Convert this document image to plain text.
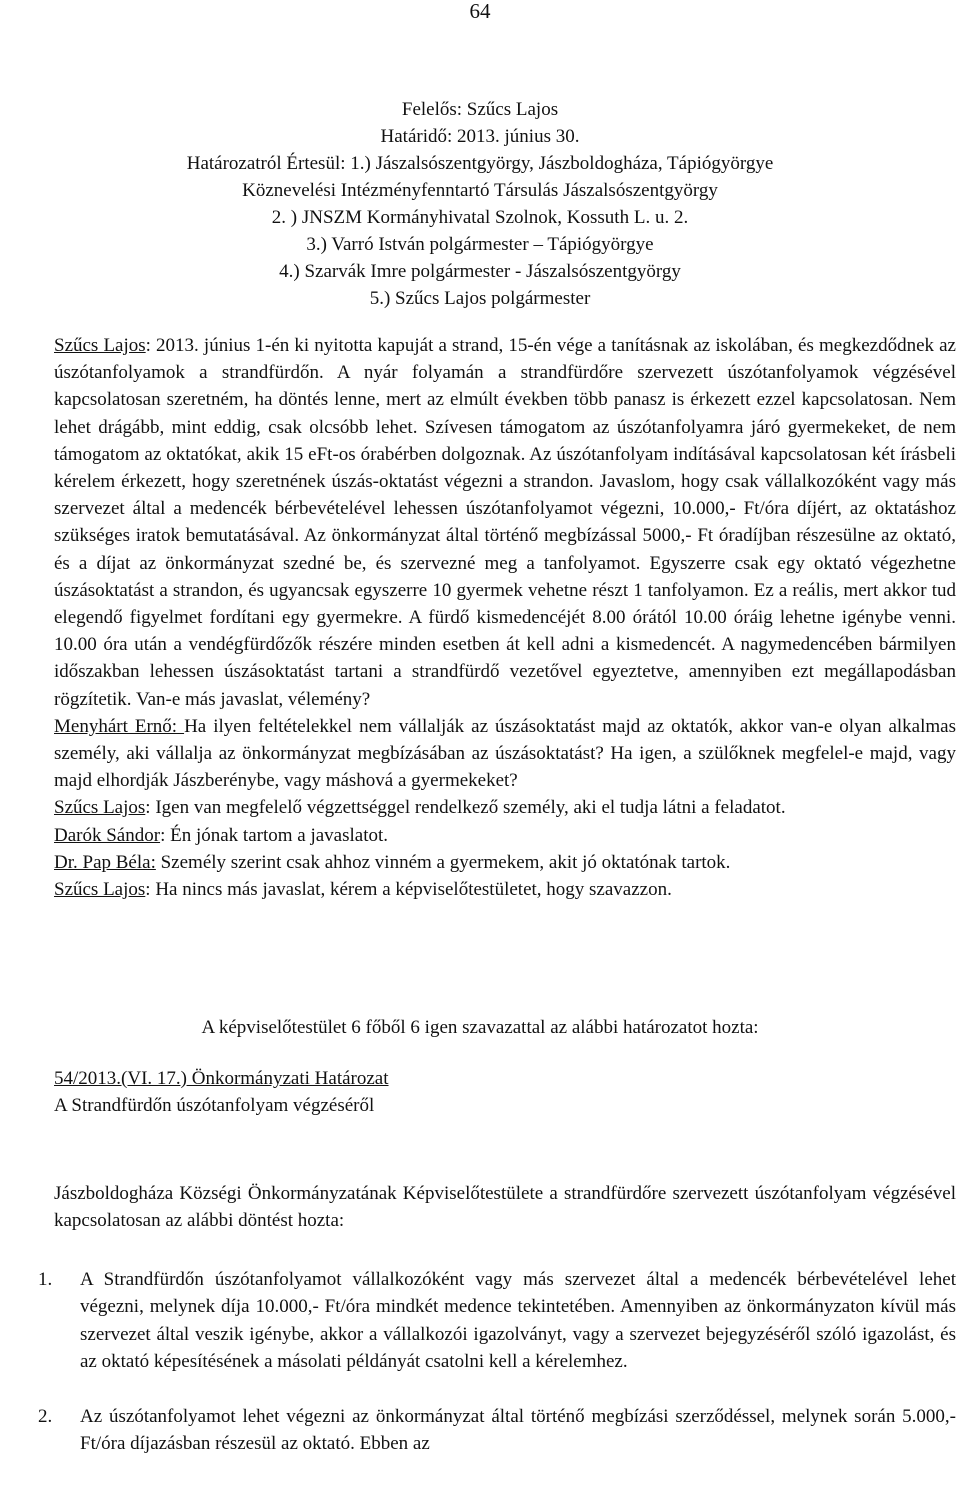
64
Felelős: Szűcs Lajos
Határidő: 2013. június 30.
Határozatról Értesül: 1.) Jászalsószentgyörgy, Jászboldogháza, Tápiógyörgye
Köznevelési Intézményfenntartó Társulás Jászalsószentgyörgy
2. ) JNSZM Kormányhivatal Szolnok, Kossuth L. u. 2.
3.) Varró István polgármester – Tápiógyörgye
4.) Szarvák Imre polgármester - Jászalsószentgyörgy
5.) Szűcs Lajos polgármester

Szűcs Lajos: 2013. június 1-én ki nyitotta kapuját a strand, 15-én vége a tanításnak az iskolában, és megkezdődnek az úszótanfolyamok a strandfürdőn. A nyár folyamán a strandfürdőre szervezett úszótanfolyamok végzésével kapcsolatosan szeretném, ha döntés lenne, mert az elmúlt években több panasz is érkezett ezzel kapcsolatosan. Nem lehet drágább, mint eddig, csak olcsóbb lehet. Szívesen támogatom az úszótanfolyamra járó gyermekeket, de nem támogatom az oktatókat, akik 15 eFt-os órabérben dolgoznak. Az úszótanfolyam indításával kapcsolatosan két írásbeli kérelem érkezett, hogy szeretnének úszás-oktatást végezni a strandon. Javaslom, hogy csak vállalkozóként vagy más szervezet által a medencék bérbevételével lehessen úszótanfolyamot végezni, 10.000,- Ft/óra díjért, az oktatáshoz szükséges iratok bemutatásával. Az önkormányzat által történő megbízással 5000,- Ft óradíjban részesülne az oktató, és a díjat az önkormányzat szedné be, és szervezné meg a tanfolyamot. Egyszerre csak egy oktató végezhetne úszásoktatást a strandon, és ugyancsak egyszerre 10 gyermek vehetne részt 1 tanfolyamon. Ez a reális, mert akkor tud elegendő figyelmet fordítani egy gyermekre. A fürdő kismedencéjét 8.00 órától 10.00 óráig lehetne igénybe venni. 10.00 óra után a vendégfürdőzők részére minden esetben át kell adni a kismedencét. A nagymedencében bármilyen időszakban lehessen úszásoktatást tartani a strandfürdő vezetővel egyeztetve, amennyiben ezt megállapodásban rögzítetik. Van-e más javaslat, vélemény?

Menyhárt Ernő: Ha ilyen feltételekkel nem vállalják az úszásoktatást majd az oktatók, akkor van-e olyan alkalmas személy, aki vállalja az önkormányzat megbízásában az úszásoktatást? Ha igen, a szülőknek megfelel-e majd, vagy majd elhordják Jászberénybe, vagy máshová a gyermekeket?

Szűcs Lajos: Igen van megfelelő végzettséggel rendelkező személy, aki el tudja látni a feladatot.

Darók Sándor: Én jónak tartom a javaslatot.

Dr. Pap Béla: Személy szerint csak ahhoz vinném a gyermekem, akit jó oktatónak tartok.

Szűcs Lajos: Ha nincs más javaslat, kérem a képviselőtestületet, hogy szavazzon.

A képviselőtestület 6 főből 6 igen szavazattal az alábbi határozatot hozta:
54/2013.(VI. 17.) Önkormányzati Határozat
A Strandfürdőn úszótanfolyam végzéséről
Jászboldogháza Községi Önkormányzatának Képviselőtestülete a strandfürdőre szervezett úszótanfolyam végzésével kapcsolatosan az alábbi döntést hozta:
1. A Strandfürdőn úszótanfolyamot vállalkozóként vagy más szervezet által a medencék bérbevételével lehet végezni, melynek díja 10.000,- Ft/óra mindkét medence tekintetében. Amennyiben az önkormányzaton kívül más szervezet által veszik igénybe, akkor a vállalkozói igazolványt, vagy a szervezet bejegyzéséről szóló igazolást, és az oktató képesítésének a másolati példányát csatolni kell a kérelemhez.
2. Az úszótanfolyamot lehet végezni az önkormányzat által történő megbízási szerződéssel, melynek során 5.000,- Ft/óra díjazásban részesül az oktató. Ebben az
